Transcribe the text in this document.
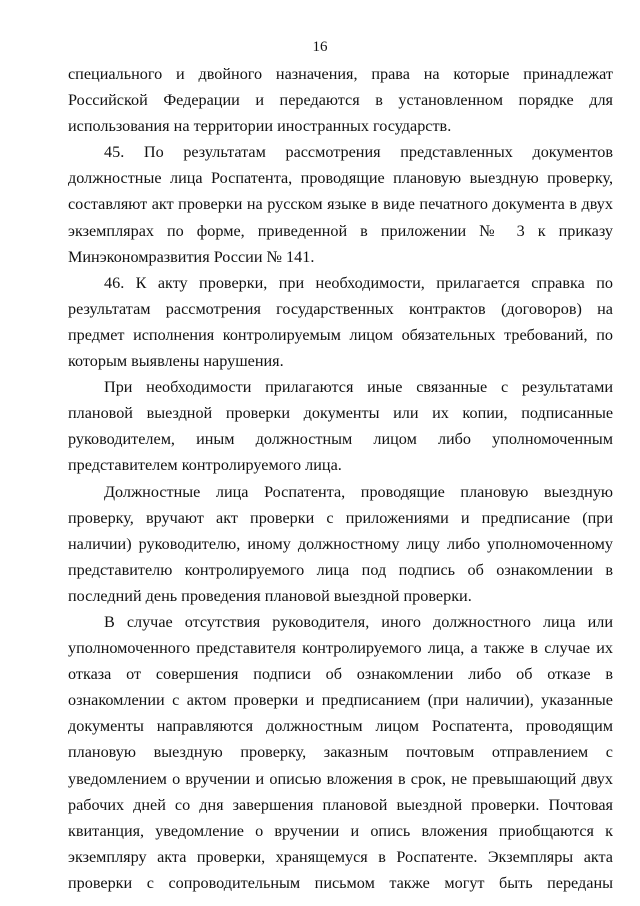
16

специального и двойного назначения, права на которые принадлежат Российской Федерации и передаются в установленном порядке для использования на территории иностранных государств.

45. По результатам рассмотрения представленных документов должностные лица Роспатента, проводящие плановую выездную проверку, составляют акт проверки на русском языке в виде печатного документа в двух экземплярах по форме, приведенной в приложении № 3 к приказу Минэкономразвития России № 141.

46. К акту проверки, при необходимости, прилагается справка по результатам рассмотрения государственных контрактов (договоров) на предмет исполнения контролируемым лицом обязательных требований, по которым выявлены нарушения.

При необходимости прилагаются иные связанные с результатами плановой выездной проверки документы или их копии, подписанные руководителем, иным должностным лицом либо уполномоченным представителем контролируемого лица.

Должностные лица Роспатента, проводящие плановую выездную проверку, вручают акт проверки с приложениями и предписание (при наличии) руководителю, иному должностному лицу либо уполномоченному представителю контролируемого лица под подпись об ознакомлении в последний день проведения плановой выездной проверки.

В случае отсутствия руководителя, иного должностного лица или уполномоченного представителя контролируемого лица, а также в случае их отказа от совершения подписи об ознакомлении либо об отказе в ознакомлении с актом проверки и предписанием (при наличии), указанные документы направляются должностным лицом Роспатента, проводящим плановую выездную проверку, заказным почтовым отправлением с уведомлением о вручении и описью вложения в срок, не превышающий двух рабочих дней со дня завершения плановой выездной проверки. Почтовая квитанция, уведомление о вручении и опись вложения приобщаются к экземпляру акта проверки, хранящемуся в Роспатенте. Экземпляры акта проверки с сопроводительным письмом также могут быть переданы
